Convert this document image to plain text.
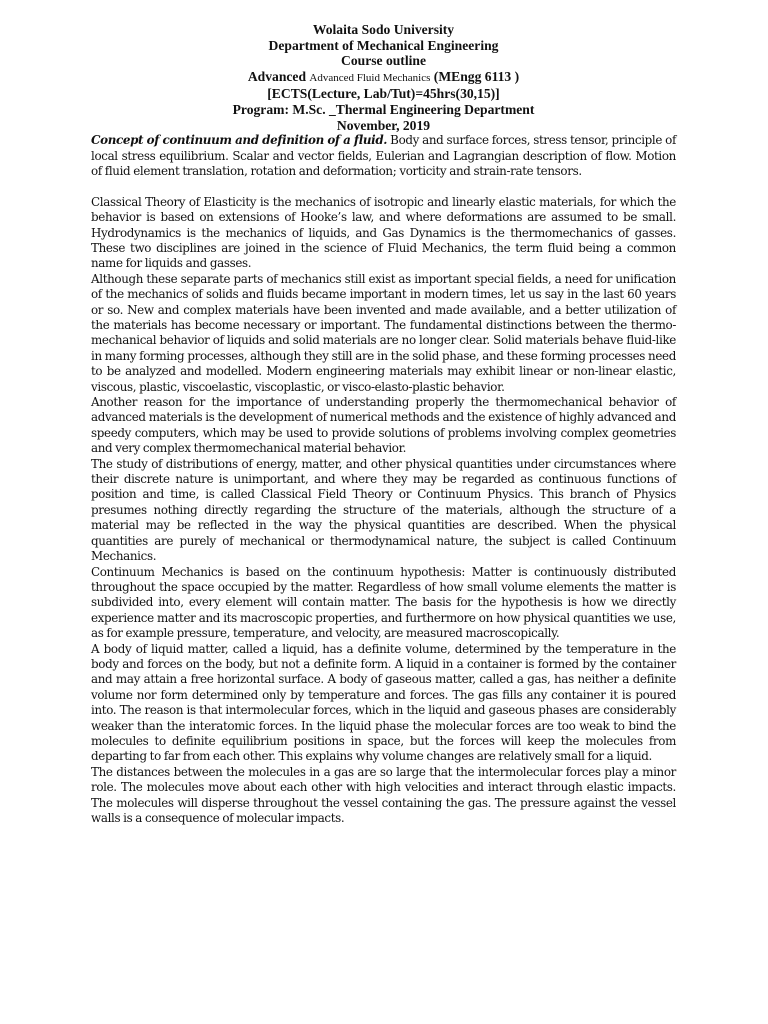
Wolaita Sodo University
Department of Mechanical Engineering
Course outline
Advanced Advanced Fluid Mechanics (MEngg 6113 )
[ECTS(Lecture, Lab/Tut)=45hrs(30,15)]
Program: M.Sc. _Thermal Engineering Department
November, 2019

Concept of continuum and definition of a fluid. Body and surface forces, stress tensor, principle of local stress equilibrium. Scalar and vector fields, Eulerian and Lagrangian description of flow. Motion of fluid element translation, rotation and deformation; vorticity and strain-rate tensors.

Classical Theory of Elasticity is the mechanics of isotropic and linearly elastic materials, for which the behavior is based on extensions of Hooke’s law, and where deformations are assumed to be small. Hydrodynamics is the mechanics of liquids, and Gas Dynamics is the thermomechanics of gasses. These two disciplines are joined in the science of Fluid Mechanics, the term fluid being a common name for liquids and gasses.

Although these separate parts of mechanics still exist as important special fields, a need for unification of the mechanics of solids and fluids became important in modern times, let us say in the last 60 years or so. New and complex materials have been invented and made available, and a better utilization of the materials has become necessary or important. The fundamental distinctions between the thermo- mechanical behavior of liquids and solid materials are no longer clear. Solid materials behave fluid-like in many forming processes, although they still are in the solid phase, and these forming processes need to be analyzed and modelled. Modern engineering materials may exhibit linear or non-linear elastic, viscous, plastic, viscoelastic, viscoplastic, or visco-elasto-plastic behavior.

Another reason for the importance of understanding properly the thermomechanical behavior of advanced materials is the development of numerical methods and the existence of highly advanced and speedy computers, which may be used to provide solutions of problems involving complex geometries and very complex thermomechanical material behavior.

The study of distributions of energy, matter, and other physical quantities under circumstances where their discrete nature is unimportant, and where they may be regarded as continuous functions of position and time, is called Classical Field Theory or Continuum Physics. This branch of Physics presumes nothing directly regarding the structure of the materials, although the structure of a material may be reflected in the way the physical quantities are described. When the physical quantities are purely of mechanical or thermodynamical nature, the subject is called Continuum Mechanics.

Continuum Mechanics is based on the continuum hypothesis: Matter is continuously distributed throughout the space occupied by the matter. Regardless of how small volume elements the matter is subdivided into, every element will contain matter. The basis for the hypothesis is how we directly experience matter and its macroscopic properties, and furthermore on how physical quantities we use, as for example pressure, temperature, and velocity, are measured macroscopically.

A body of liquid matter, called a liquid, has a definite volume, determined by the temperature in the body and forces on the body, but not a definite form. A liquid in a container is formed by the container and may attain a free horizontal surface. A body of gaseous matter, called a gas, has neither a definite volume nor form determined only by temperature and forces. The gas fills any container it is poured into. The reason is that intermolecular forces, which in the liquid and gaseous phases are considerably weaker than the interatomic forces. In the liquid phase the molecular forces are too weak to bind the molecules to definite equilibrium positions in space, but the forces will keep the molecules from departing to far from each other. This explains why volume changes are relatively small for a liquid.

The distances between the molecules in a gas are so large that the intermolecular forces play a minor role. The molecules move about each other with high velocities and interact through elastic impacts. The molecules will disperse throughout the vessel containing the gas. The pressure against the vessel walls is a consequence of molecular impacts.
